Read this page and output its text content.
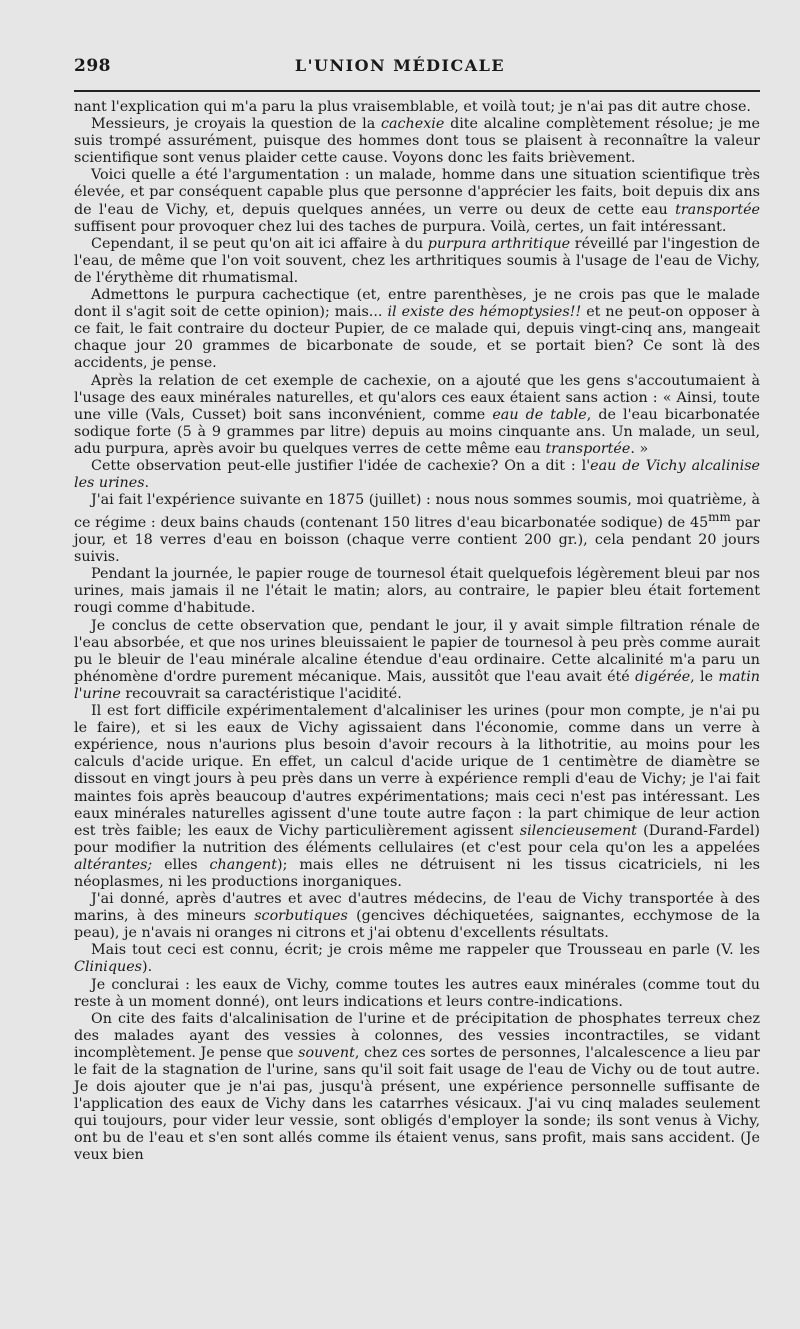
298	L'UNION MÉDICALE

nant l'explication qui m'a paru la plus vraisemblable, et voilà tout; je n'ai pas dit autre chose.

Messieurs, je croyais la question de la cachexie dite alcaline complètement résolue; je me suis trompé assurément, puisque des hommes dont tous se plaisent à reconnaître la valeur scientifique sont venus plaider cette cause. Voyons donc les faits brièvement.

Voici quelle a été l'argumentation : un malade, homme dans une situation scientifique très élevée, et par conséquent capable plus que personne d'apprécier les faits, boit depuis dix ans de l'eau de Vichy, et, depuis quelques années, un verre ou deux de cette eau transportée suffisent pour provoquer chez lui des taches de purpura. Voilà, certes, un fait intéressant.

Cependant, il se peut qu'on ait ici affaire à du purpura arthritique réveillé par l'ingestion de l'eau, de même que l'on voit souvent, chez les arthritiques soumis à l'usage de l'eau de Vichy, de l'érythème dit rhumatismal.

Admettons le purpura cachectique (et, entre parenthèses, je ne crois pas que le malade dont il s'agit soit de cette opinion); mais... il existe des hémoptysies!! et ne peut-on opposer à ce fait, le fait contraire du docteur Pupier, de ce malade qui, depuis vingt-cinq ans, mangeait chaque jour 20 grammes de bicarbonate de soude, et se portait bien? Ce sont là des accidents, je pense.

Après la relation de cet exemple de cachexie, on a ajouté que les gens s'accoutumaient à l'usage des eaux minérales naturelles, et qu'alors ces eaux étaient sans action : « Ainsi, toute une ville (Vals, Cusset) boit sans inconvénient, comme eau de table, de l'eau bicarbonatée sodique forte (5 à 9 grammes par litre) depuis au moins cinquante ans. Un malade, un seul, adu purpura, après avoir bu quelques verres de cette même eau transportée. »

Cette observation peut-elle justifier l'idée de cachexie? On a dit : l'eau de Vichy alcalinise les urines.

J'ai fait l'expérience suivante en 1875 (juillet) : nous nous sommes soumis, moi quatrième, à ce régime : deux bains chauds (contenant 150 litres d'eau bicarbonatée sodique) de $45^{mm}$ par jour, et 18 verres d'eau en boisson (chaque verre contient 200 gr.), cela pendant 20 jours suivis.

Pendant la journée, le papier rouge de tournesol était quelquefois légèrement bleui par nos urines, mais jamais il ne l'était le matin; alors, au contraire, le papier bleu était fortement rougi comme d'habitude.

Je conclus de cette observation que, pendant le jour, il y avait simple filtration rénale de l'eau absorbée, et que nos urines bleuissaient le papier de tournesol à peu près comme aurait pu le bleuir de l'eau minérale alcaline étendue d'eau ordinaire. Cette alcalinité m'a paru un phénomène d'ordre purement mécanique. Mais, aussitôt que l'eau avait été digérée, le matin l'urine recouvrait sa caractéristique l'acidité.

Il est fort difficile expérimentalement d'alcaliniser les urines (pour mon compte, je n'ai pu le faire), et si les eaux de Vichy agissaient dans l'économie, comme dans un verre à expérience, nous n'aurions plus besoin d'avoir recours à la lithotritie, au moins pour les calculs d'acide urique. En effet, un calcul d'acide urique de 1 centimètre de diamètre se dissout en vingt jours à peu près dans un verre à expérience rempli d'eau de Vichy; je l'ai fait maintes fois après beaucoup d'autres expérimentations; mais ceci n'est pas intéressant. Les eaux minérales naturelles agissent d'une toute autre façon : la part chimique de leur action est très faible; les eaux de Vichy particulièrement agissent silencieusement (Durand-Fardel) pour modifier la nutrition des éléments cellulaires (et c'est pour cela qu'on les a appelées altérantes; elles changent); mais elles ne détruisent ni les tissus cicatriciels, ni les néoplasmes, ni les productions inorganiques.

J'ai donné, après d'autres et avec d'autres médecins, de l'eau de Vichy transportée à des marins, à des mineurs scorbutiques (gencives déchiquetées, saignantes, ecchymose de la peau), je n'avais ni oranges ni citrons et j'ai obtenu d'excellents résultats.

Mais tout ceci est connu, écrit; je crois même me rappeler que Trousseau en parle (V. les Cliniques).

Je conclurai : les eaux de Vichy, comme toutes les autres eaux minérales (comme tout du reste à un moment donné), ont leurs indications et leurs contre-indications.

On cite des faits d'alcalinisation de l'urine et de précipitation de phosphates terreux chez des malades ayant des vessies à colonnes, des vessies incontractiles, se vidant incomplètement. Je pense que souvent, chez ces sortes de personnes, l'alcalescence a lieu par le fait de la stagnation de l'urine, sans qu'il soit fait usage de l'eau de Vichy ou de tout autre. Je dois ajouter que je n'ai pas, jusqu'à présent, une expérience personnelle suffisante de l'application des eaux de Vichy dans les catarrhes vésicaux. J'ai vu cinq malades seulement qui toujours, pour vider leur vessie, sont obligés d'employer la sonde; ils sont venus à Vichy, ont bu de l'eau et s'en sont allés comme ils étaient venus, sans profit, mais sans accident. (Je veux bien
